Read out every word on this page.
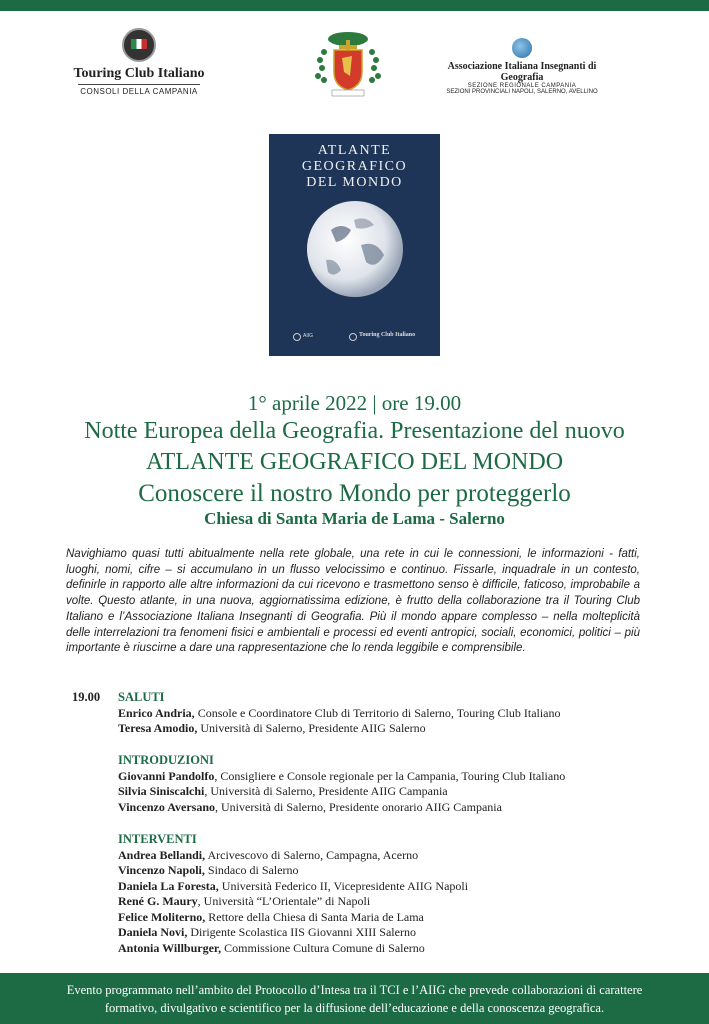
Touring Club Italiano
CONSOLI DELLA CAMPANIA
Associazione Italiana Insegnanti di Geografia
SEZIONE REGIONALE CAMPANIA
SEZIONI PROVINCIALI NAPOLI, SALERNO, AVELLINO
ATLANTE
GEOGRAFICO
DEL MONDO
AIIG	Touring Club Italiano
1° aprile 2022 | ore 19.00
Notte Europea della Geografia. Presentazione del nuovo
ATLANTE GEOGRAFICO DEL MONDO
Conoscere il nostro Mondo per proteggerlo
Chiesa di Santa Maria de Lama - Salerno
Navighiamo quasi tutti abitualmente nella rete globale, una rete in cui le connessioni, le informazioni - fatti, luoghi, nomi, cifre – si accumulano in un flusso velocissimo e continuo. Fissarle, inquadrale in un contesto, definirle in rapporto alle altre informazioni da cui ricevono e trasmettono senso è difficile, faticoso, improbabile a volte. Questo atlante, in una nuova, aggiornatissima edizione, è frutto della collaborazione tra il Touring Club Italiano e l’Associazione Italiana Insegnanti di Geografia. Più il mondo appare complesso – nella molteplicità delle interrelazioni tra fenomeni fisici e ambientali e processi ed eventi antropici, sociali, economici, politici – più importante è riuscirne a dare una rappresentazione che lo renda leggibile e comprensibile.
19.00 SALUTI
Enrico Andria, Console e Coordinatore Club di Territorio di Salerno, Touring Club Italiano
Teresa Amodio, Università di Salerno, Presidente AIIG Salerno
INTRODUZIONI
Giovanni Pandolfo, Consigliere e Console regionale per la Campania, Touring Club Italiano
Silvia Siniscalchi, Università di Salerno, Presidente AIIG Campania
Vincenzo Aversano, Università di Salerno, Presidente onorario AIIG Campania
INTERVENTI
Andrea Bellandi, Arcivescovo di Salerno, Campagna, Acerno
Vincenzo Napoli, Sindaco di Salerno
Daniela La Foresta, Università Federico II, Vicepresidente AIIG Napoli
René G. Maury, Università “L’Orientale” di Napoli
Felice Moliterno, Rettore della Chiesa di Santa Maria de Lama
Daniela Novi, Dirigente Scolastica IIS Giovanni XIII Salerno
Antonia Willburger, Commissione Cultura Comune di Salerno
Evento programmato nell’ambito del Protocollo d’Intesa tra il TCI e l’AIIG che prevede collaborazioni di carattere
formativo, divulgativo e scientifico per la diffusione dell’educazione e della conoscenza geografica.
